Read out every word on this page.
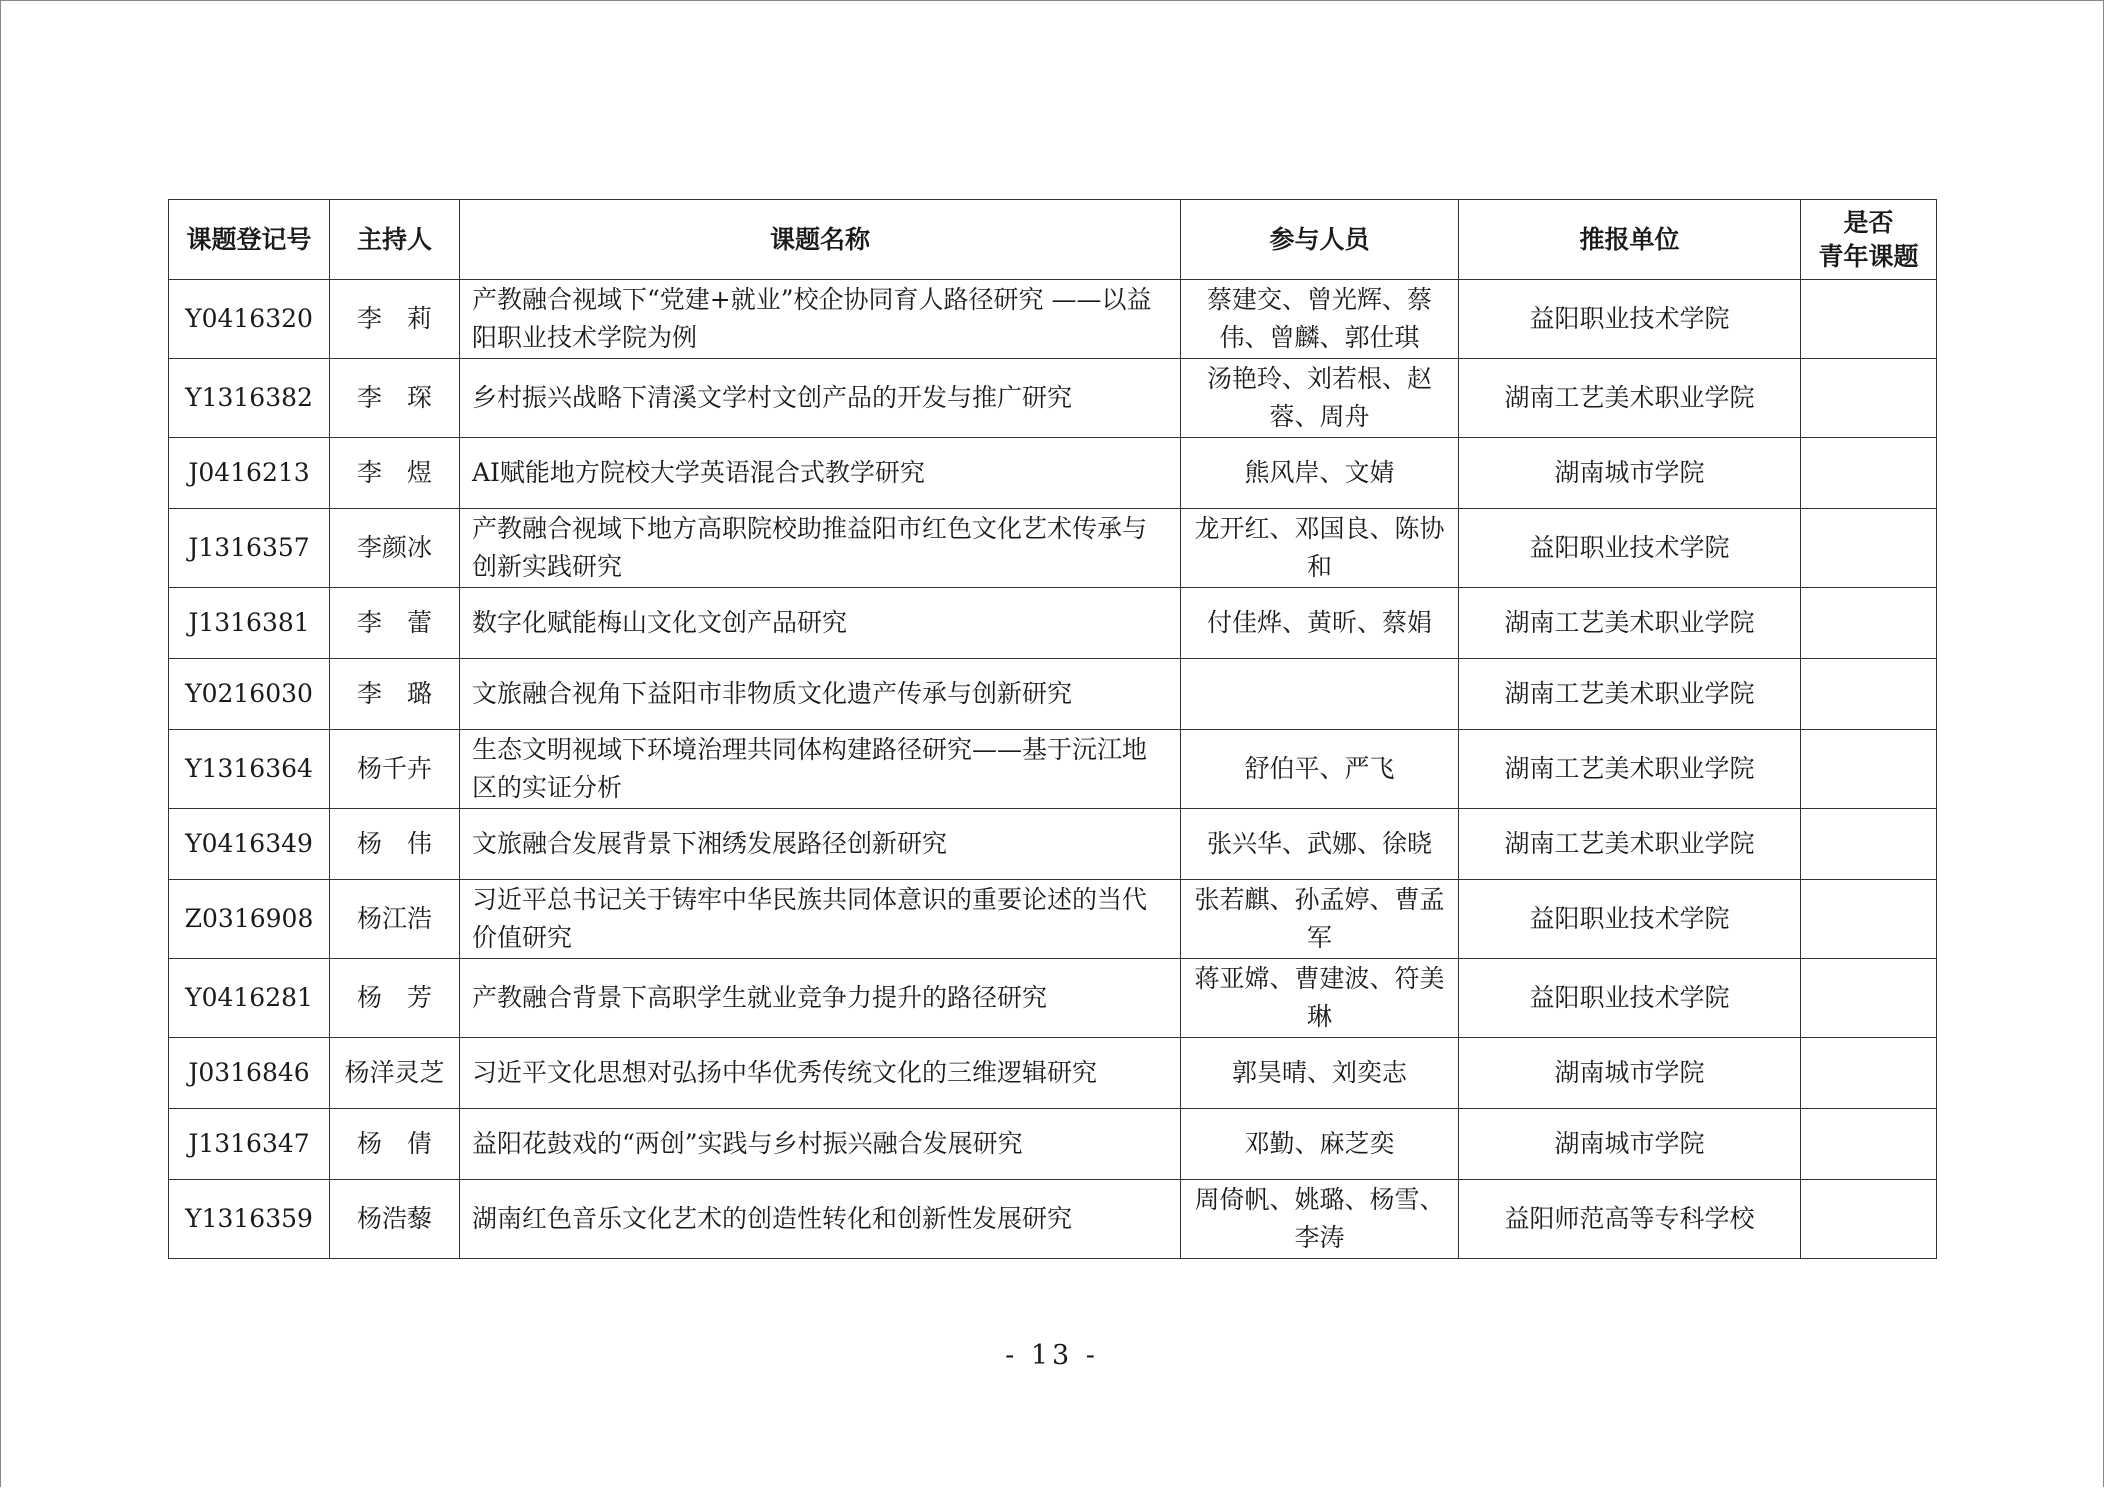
课题登记号	主持人	课题名称	参与人员	推报单位	是否
青年课题
Y0416320	李　莉	产教融合视域下“党建+就业”校企协同育人路径研究 ——以益阳职业技术学院为例	蔡建交、曾光辉、蔡伟、曾麟、郭仕琪	益阳职业技术学院	
Y1316382	李　琛	乡村振兴战略下清溪文学村文创产品的开发与推广研究	汤艳玲、刘若根、赵蓉、周舟	湖南工艺美术职业学院	
J0416213	李　煜	AI赋能地方院校大学英语混合式教学研究	熊风岸、文婧	湖南城市学院	
J1316357	李颜冰	产教融合视域下地方高职院校助推益阳市红色文化艺术传承与创新实践研究	龙开红、邓国良、陈协和	益阳职业技术学院	
J1316381	李　蕾	数字化赋能梅山文化文创产品研究	付佳烨、黄昕、蔡娟	湖南工艺美术职业学院	
Y0216030	李　璐	文旅融合视角下益阳市非物质文化遗产传承与创新研究		湖南工艺美术职业学院	
Y1316364	杨千卉	生态文明视域下环境治理共同体构建路径研究——基于沅江地区的实证分析	舒伯平、严飞	湖南工艺美术职业学院	
Y0416349	杨　伟	文旅融合发展背景下湘绣发展路径创新研究	张兴华、武娜、徐晓	湖南工艺美术职业学院	
Z0316908	杨江浩	习近平总书记关于铸牢中华民族共同体意识的重要论述的当代价值研究	张若麒、孙孟婷、曹孟军	益阳职业技术学院	
Y0416281	杨　芳	产教融合背景下高职学生就业竞争力提升的路径研究	蒋亚嫦、曹建波、符美琳	益阳职业技术学院	
J0316846	杨洋灵芝	习近平文化思想对弘扬中华优秀传统文化的三维逻辑研究	郭昊晴、刘奕志	湖南城市学院	
J1316347	杨　倩	益阳花鼓戏的“两创”实践与乡村振兴融合发展研究	邓勤、麻芝奕	湖南城市学院	
Y1316359	杨浩藜	湖南红色音乐文化艺术的创造性转化和创新性发展研究	周倚帆、姚璐、杨雪、李涛	益阳师范高等专科学校	
- 13 -
